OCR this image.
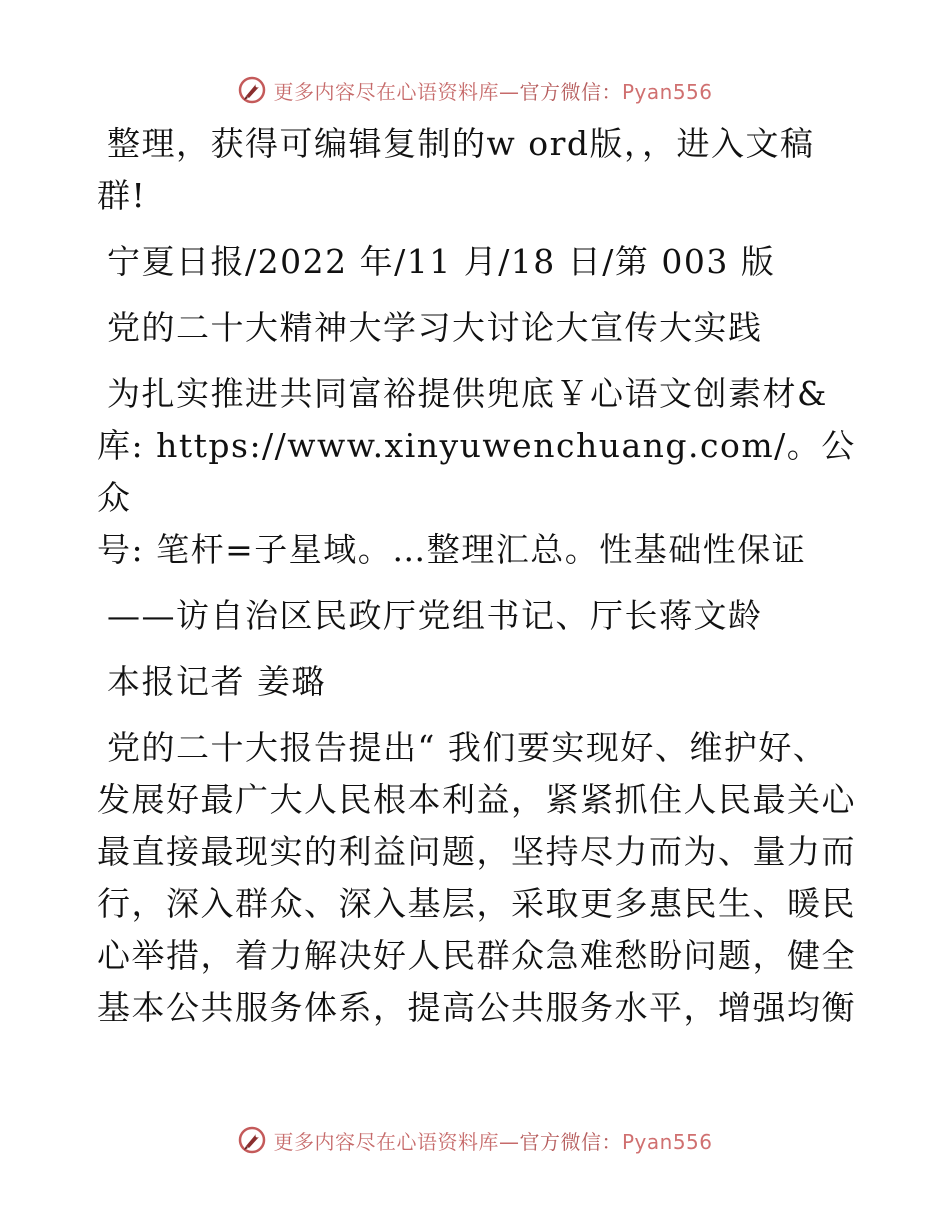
更多内容尽在心语资料库—官方微信：Pyan556

整理，获得可编辑复制的w ord版，，进入文稿

群!

宁夏日报/2022 年/11 月/18 日/第 003 版

党的二十大精神大学习大讨论大宣传大实践

为扎实推进共同富裕提供兜底￥心语文创素材&

库: https://www.xinyuwenchuang.com/。公众

号: 笔杆=子星域。…整理汇总。性基础性保证

——访自治区民政厅党组书记、厅长蒋文龄

本报记者 姜璐

党的二十大报告提出“ 我们要实现好、维护好、

发展好最广大人民根本利益，紧紧抓住人民最关心

最直接最现实的利益问题，坚持尽力而为、量力而

行，深入群众、深入基层，采取更多惠民生、暖民

心举措，着力解决好人民群众急难愁盼问题，健全

基本公共服务体系，提高公共服务水平，增强均衡

更多内容尽在心语资料库—官方微信：Pyan556
